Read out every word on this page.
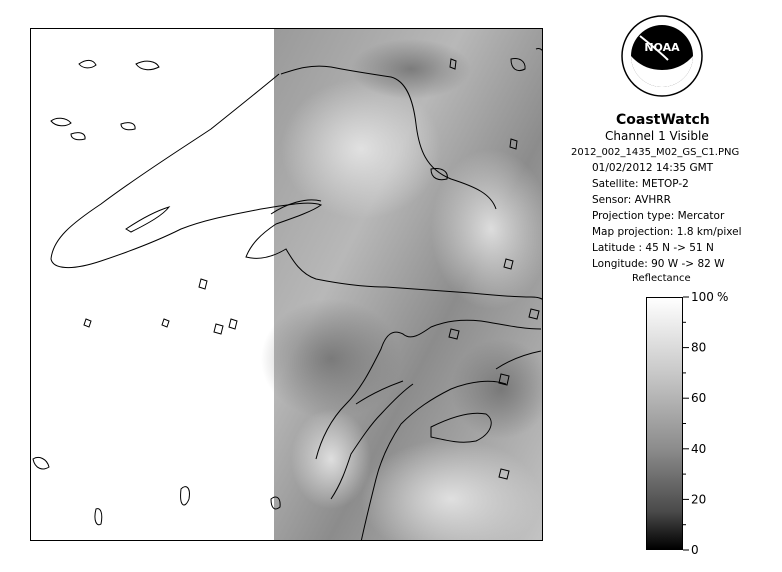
NOAA
CoastWatch
Channel 1 Visible
2012_002_1435_M02_GS_C1.PNG
01/02/2012 14:35 GMT
Satellite: METOP-2
Sensor: AVHRR
Projection type: Mercator
Map projection: 1.8 km/pixel
Latitude : 45 N -> 51 N
Longitude: 90 W -> 82 W
Reflectance
100
80
60
40
20
0
%
